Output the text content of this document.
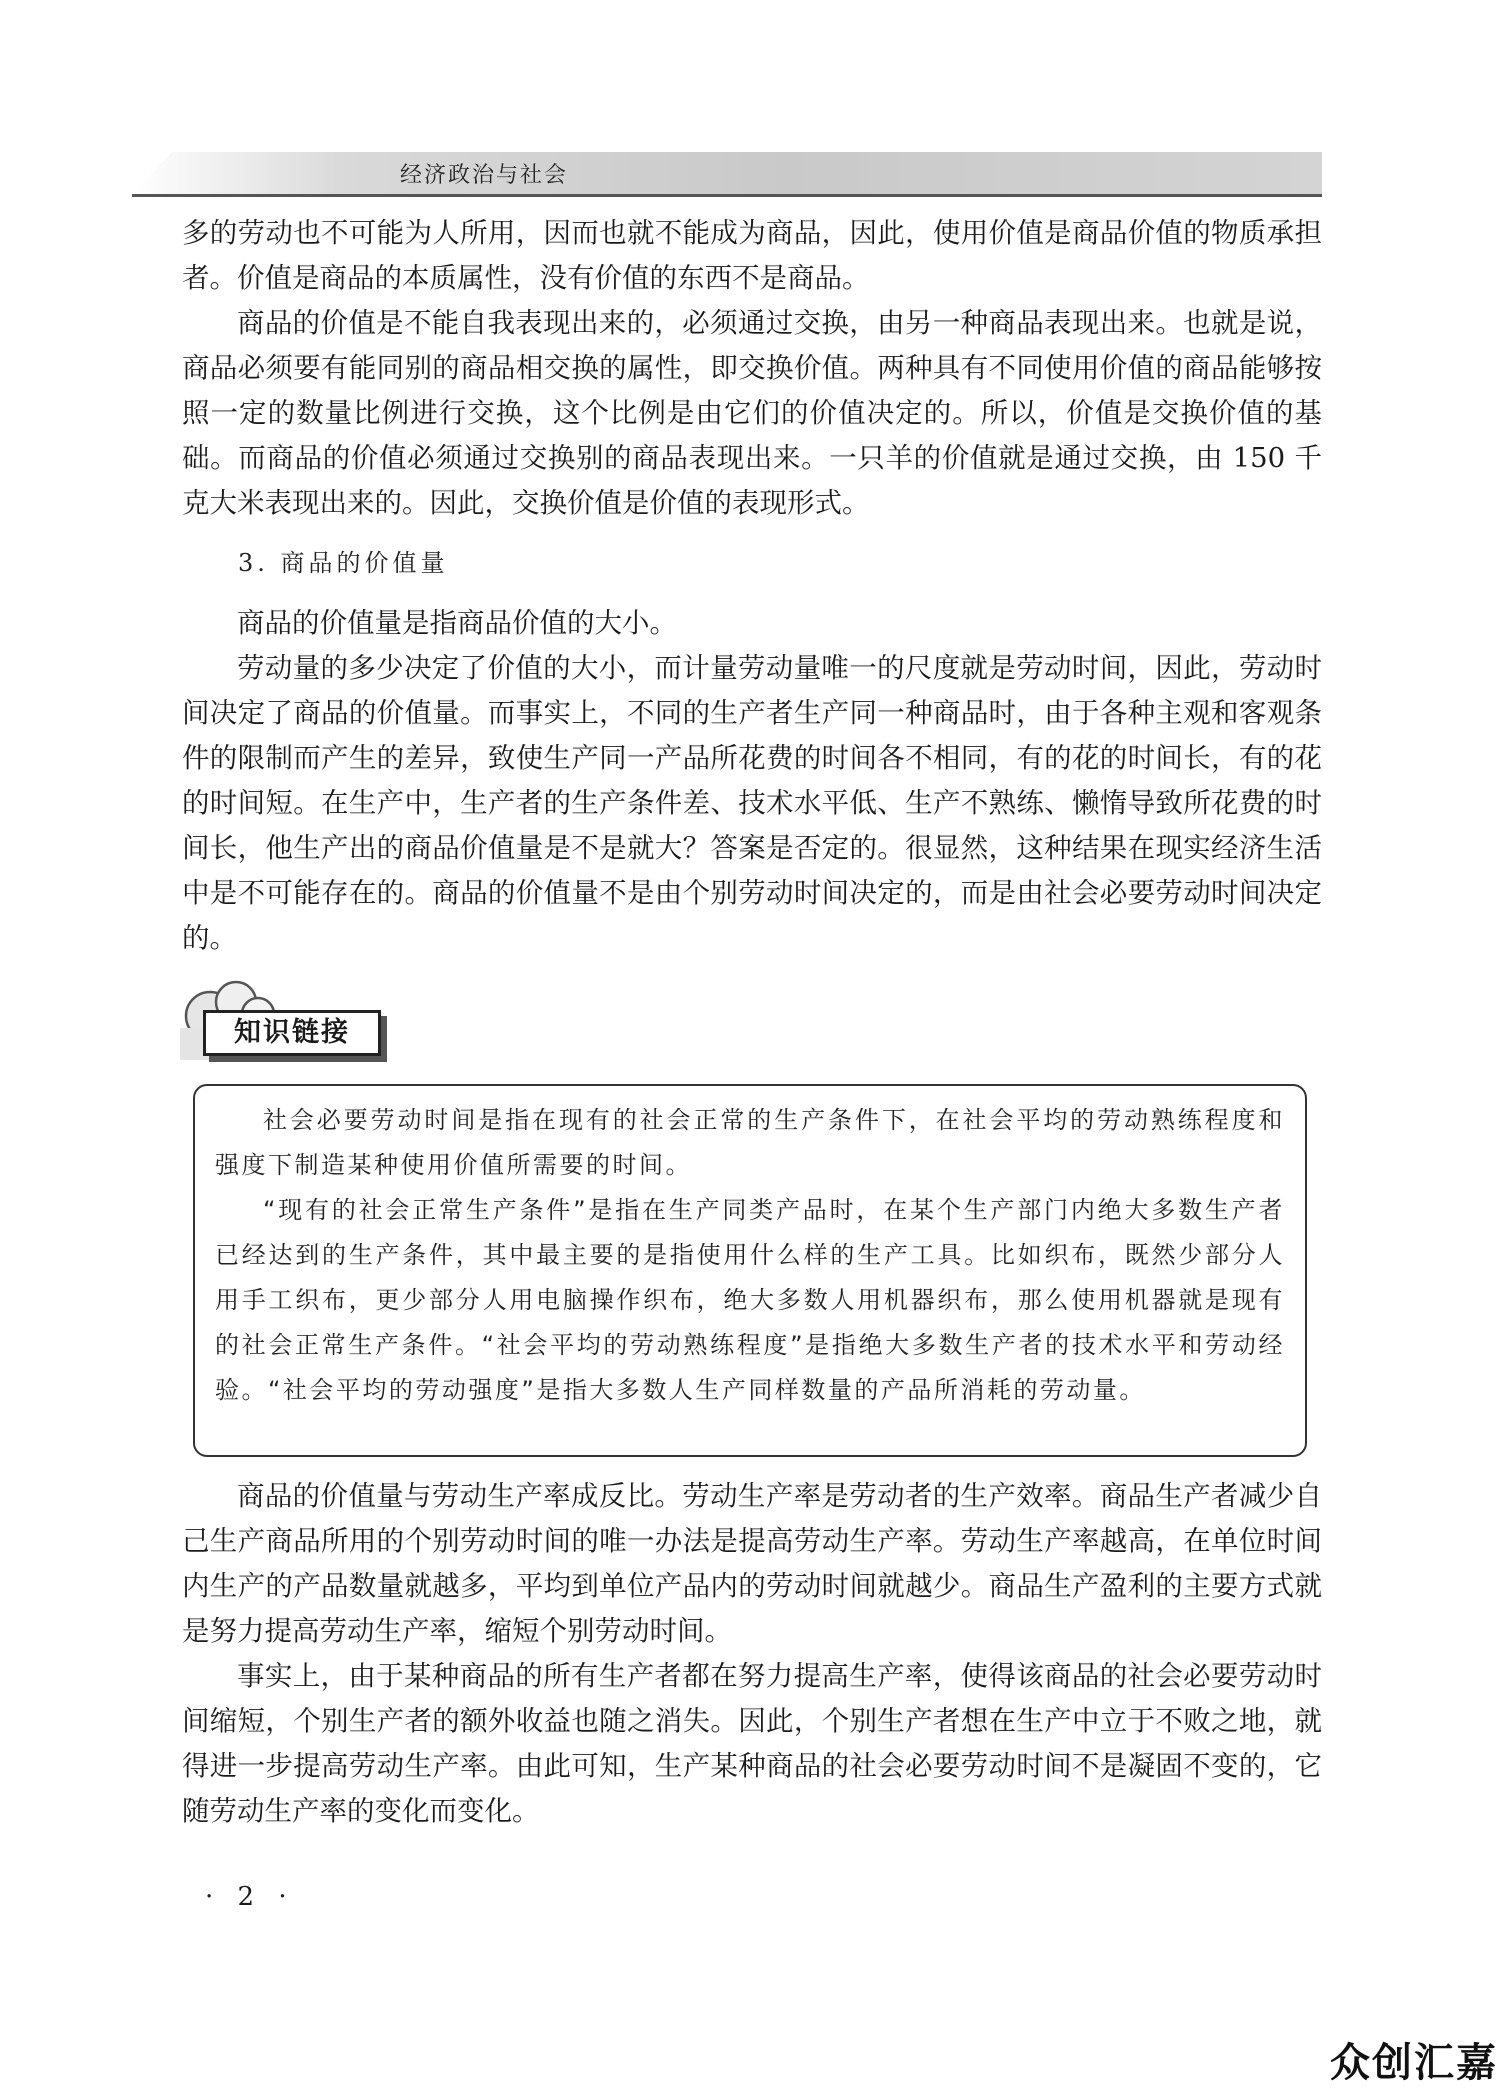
经济政治与社会

多的劳动也不可能为人所用，因而也就不能成为商品，因此，使用价值是商品价值的物质承担者。价值是商品的本质属性，没有价值的东西不是商品。

商品的价值是不能自我表现出来的，必须通过交换，由另一种商品表现出来。也就是说，商品必须要有能同别的商品相交换的属性，即交换价值。两种具有不同使用价值的商品能够按照一定的数量比例进行交换，这个比例是由它们的价值决定的。所以，价值是交换价值的基础。而商品的价值必须通过交换别的商品表现出来。一只羊的价值就是通过交换，由 150 千克大米表现出来的。因此，交换价值是价值的表现形式。

3. 商品的价值量

商品的价值量是指商品价值的大小。

劳动量的多少决定了价值的大小，而计量劳动量唯一的尺度就是劳动时间，因此，劳动时间决定了商品的价值量。而事实上，不同的生产者生产同一种商品时，由于各种主观和客观条件的限制而产生的差异，致使生产同一产品所花费的时间各不相同，有的花的时间长，有的花的时间短。在生产中，生产者的生产条件差、技术水平低、生产不熟练、懒惰导致所花费的时间长，他生产出的商品价值量是不是就大？答案是否定的。很显然，这种结果在现实经济生活中是不可能存在的。商品的价值量不是由个别劳动时间决定的，而是由社会必要劳动时间决定的。

知识链接

社会必要劳动时间是指在现有的社会正常的生产条件下，在社会平均的劳动熟练程度和强度下制造某种使用价值所需要的时间。

“现有的社会正常生产条件”是指在生产同类产品时，在某个生产部门内绝大多数生产者已经达到的生产条件，其中最主要的是指使用什么样的生产工具。比如织布，既然少部分人用手工织布，更少部分人用电脑操作织布，绝大多数人用机器织布，那么使用机器就是现有的社会正常生产条件。“社会平均的劳动熟练程度”是指绝大多数生产者的技术水平和劳动经验。“社会平均的劳动强度”是指大多数人生产同样数量的产品所消耗的劳动量。

商品的价值量与劳动生产率成反比。劳动生产率是劳动者的生产效率。商品生产者减少自己生产商品所用的个别劳动时间的唯一办法是提高劳动生产率。劳动生产率越高，在单位时间内生产的产品数量就越多，平均到单位产品内的劳动时间就越少。商品生产盈利的主要方式就是努力提高劳动生产率，缩短个别劳动时间。

事实上，由于某种商品的所有生产者都在努力提高生产率，使得该商品的社会必要劳动时间缩短，个别生产者的额外收益也随之消失。因此，个别生产者想在生产中立于不败之地，就得进一步提高劳动生产率。由此可知，生产某种商品的社会必要劳动时间不是凝固不变的，它随劳动生产率的变化而变化。

· 2 ·
众创汇嘉
